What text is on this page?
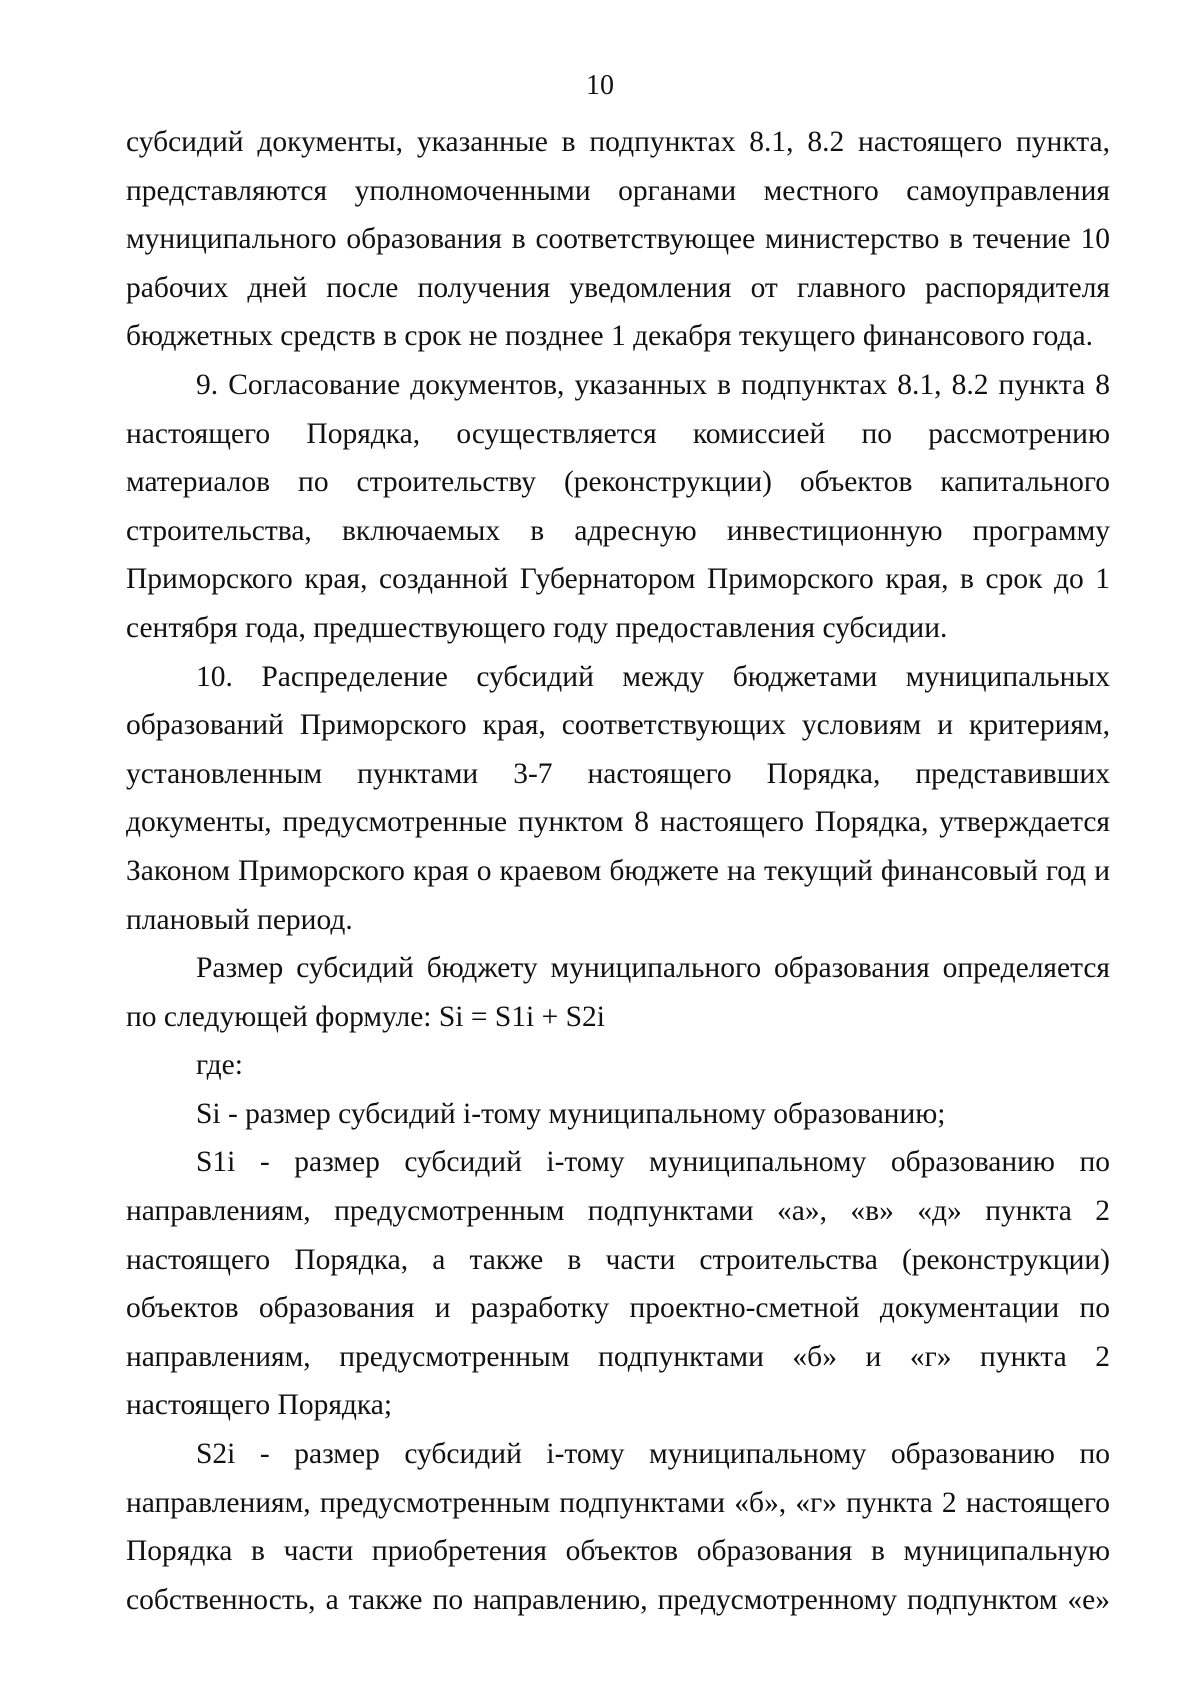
10

субсидий документы, указанные в подпунктах 8.1, 8.2 настоящего пункта, представляются уполномоченными органами местного самоуправления муниципального образования в соответствующее министерство в течение 10 рабочих дней после получения уведомления от главного распорядителя бюджетных средств в срок не позднее 1 декабря текущего финансового года.

9. Согласование документов, указанных в подпунктах 8.1, 8.2 пункта 8 настоящего Порядка, осуществляется комиссией по рассмотрению материалов по строительству (реконструкции) объектов капитального строительства, включаемых в адресную инвестиционную программу Приморского края, созданной Губернатором Приморского края, в срок до 1 сентября года, предшествующего году предоставления субсидии.

10. Распределение субсидий между бюджетами муниципальных образований Приморского края, соответствующих условиям и критериям, установленным пунктами 3-7 настоящего Порядка, представивших документы, предусмотренные пунктом 8 настоящего Порядка, утверждается Законом Приморского края о краевом бюджете на текущий финансовый год и плановый период.

Размер субсидий бюджету муниципального образования определяется по следующей формуле: Si = S1i + S2i

где:

Si - размер субсидий i-тому муниципальному образованию;

S1i - размер субсидий i-тому муниципальному образованию по направлениям, предусмотренным подпунктами «а», «в» «д» пункта 2 настоящего Порядка, а также в части строительства (реконструкции) объектов образования и разработку проектно-сметной документации по направлениям, предусмотренным подпунктами «б» и «г» пункта 2 настоящего Порядка;

S2i - размер субсидий i-тому муниципальному образованию по направлениям, предусмотренным подпунктами «б», «г» пункта 2 настоящего Порядка в части приобретения объектов образования в муниципальную собственность, а также по направлению, предусмотренному подпунктом «е»
